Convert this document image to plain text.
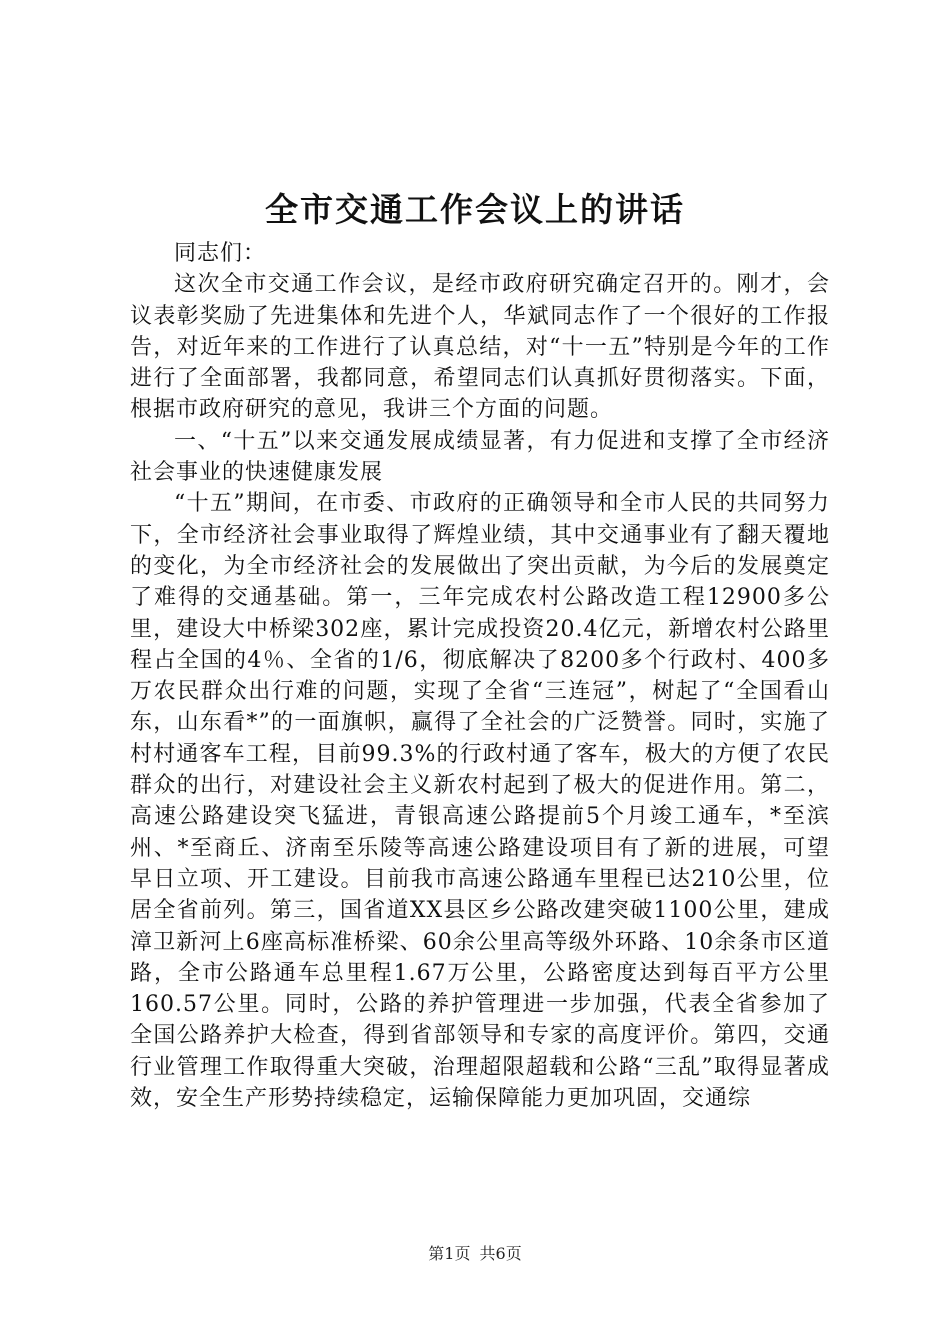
全市交通工作会议上的讲话

同志们：

这次全市交通工作会议，是经市政府研究确定召开的。刚才，会议表彰奖励了先进集体和先进个人，华斌同志作了一个很好的工作报告，对近年来的工作进行了认真总结，对“十一五”特别是今年的工作进行了全面部署，我都同意，希望同志们认真抓好贯彻落实。下面，根据市政府研究的意见，我讲三个方面的问题。

一、“十五”以来交通发展成绩显著，有力促进和支撑了全市经济社会事业的快速健康发展

“十五”期间，在市委、市政府的正确领导和全市人民的共同努力下，全市经济社会事业取得了辉煌业绩，其中交通事业有了翻天覆地的变化，为全市经济社会的发展做出了突出贡献，为今后的发展奠定了难得的交通基础。第一，三年完成农村公路改造工程12900多公里，建设大中桥梁302座，累计完成投资20.4亿元，新增农村公路里程占全国的4％、全省的1/6，彻底解决了8200多个行政村、400多万农民群众出行难的问题，实现了全省“三连冠”，树起了“全国看山东，山东看*”的一面旗帜，赢得了全社会的广泛赞誉。同时，实施了村村通客车工程，目前99.3%的行政村通了客车，极大的方便了农民群众的出行，对建设社会主义新农村起到了极大的促进作用。第二，高速公路建设突飞猛进，青银高速公路提前5个月竣工通车，*至滨州、*至商丘、济南至乐陵等高速公路建设项目有了新的进展，可望早日立项、开工建设。目前我市高速公路通车里程已达210公里，位居全省前列。第三，国省道XX县区乡公路改建突破1100公里，建成漳卫新河上6座高标准桥梁、60余公里高等级外环路、10余条市区道路，全市公路通车总里程1.67万公里，公路密度达到每百平方公里160.57公里。同时，公路的养护管理进一步加强，代表全省参加了全国公路养护大检查，得到省部领导和专家的高度评价。第四，交通行业管理工作取得重大突破，治理超限超载和公路“三乱”取得显著成效，安全生产形势持续稳定，运输保障能力更加巩固，交通综

第1页 共6页
